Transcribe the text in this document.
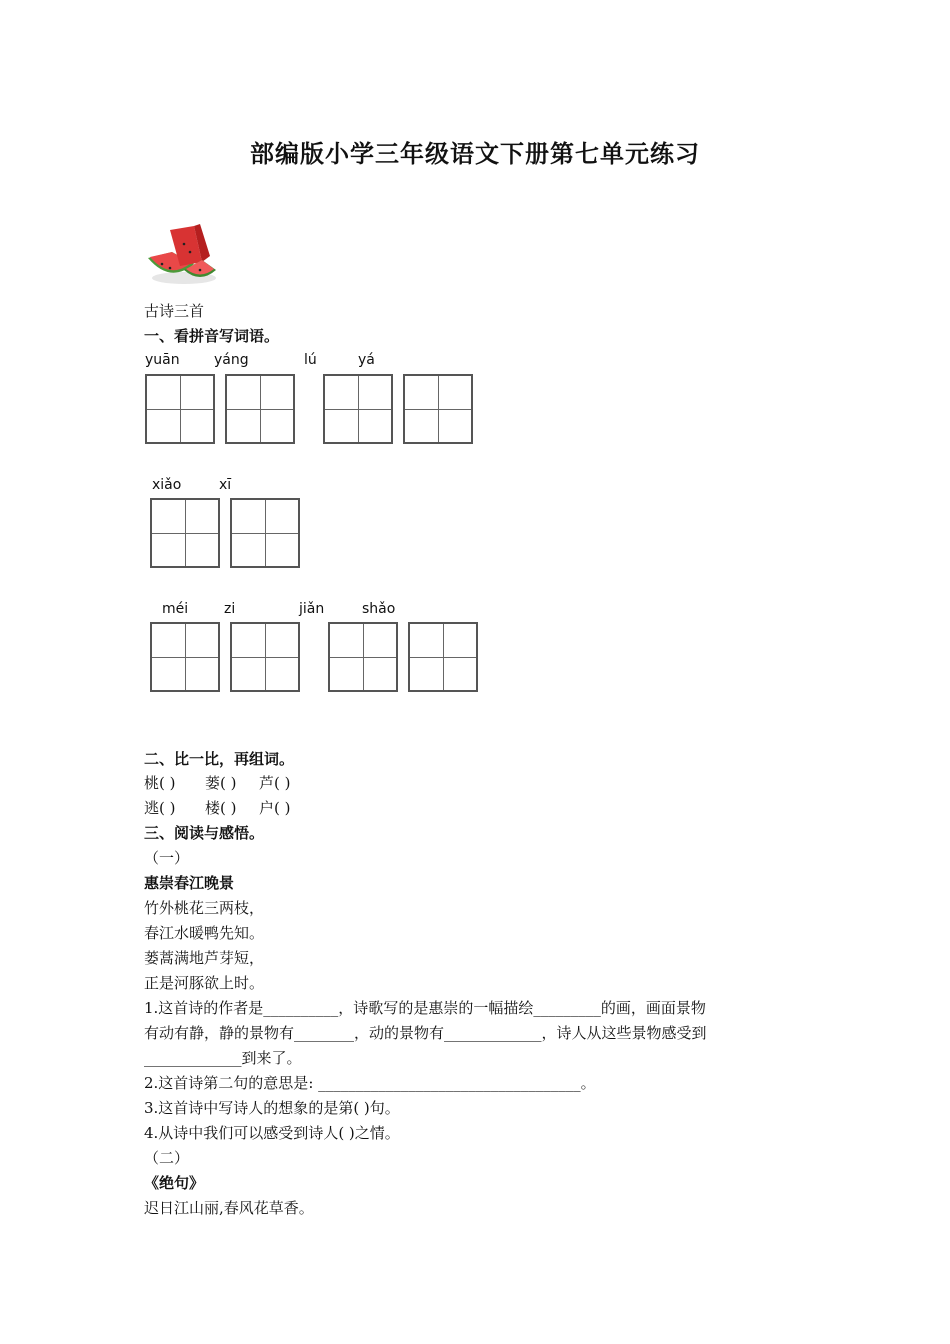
部编版小学三年级语文下册第七单元练习
古诗三首
一、看拼音写词语。
yuān yáng	lú	yá
xiǎo	xī
méi	zi	jiǎn	shǎo
二、比一比，再组词。
桃( ) 蒌( ) 芦( )
逃( ) 楼( ) 户( )
三、阅读与感悟。
（一）
惠崇春江晚景
竹外桃花三两枝，
春江水暖鸭先知。
蒌蒿满地芦芽短，
正是河豚欲上时。
1.这首诗的作者是__________，诗歌写的是惠崇的一幅描绘_________的画，画面景物
有动有静，静的景物有________，动的景物有_____________，诗人从这些景物感受到
_____________到来了。
2.这首诗第二句的意思是: ___________________________________。
3.这首诗中写诗人的想象的是第( )句。
4.从诗中我们可以感受到诗人( )之情。
（二）
《绝句》
迟日江山丽,春风花草香。
